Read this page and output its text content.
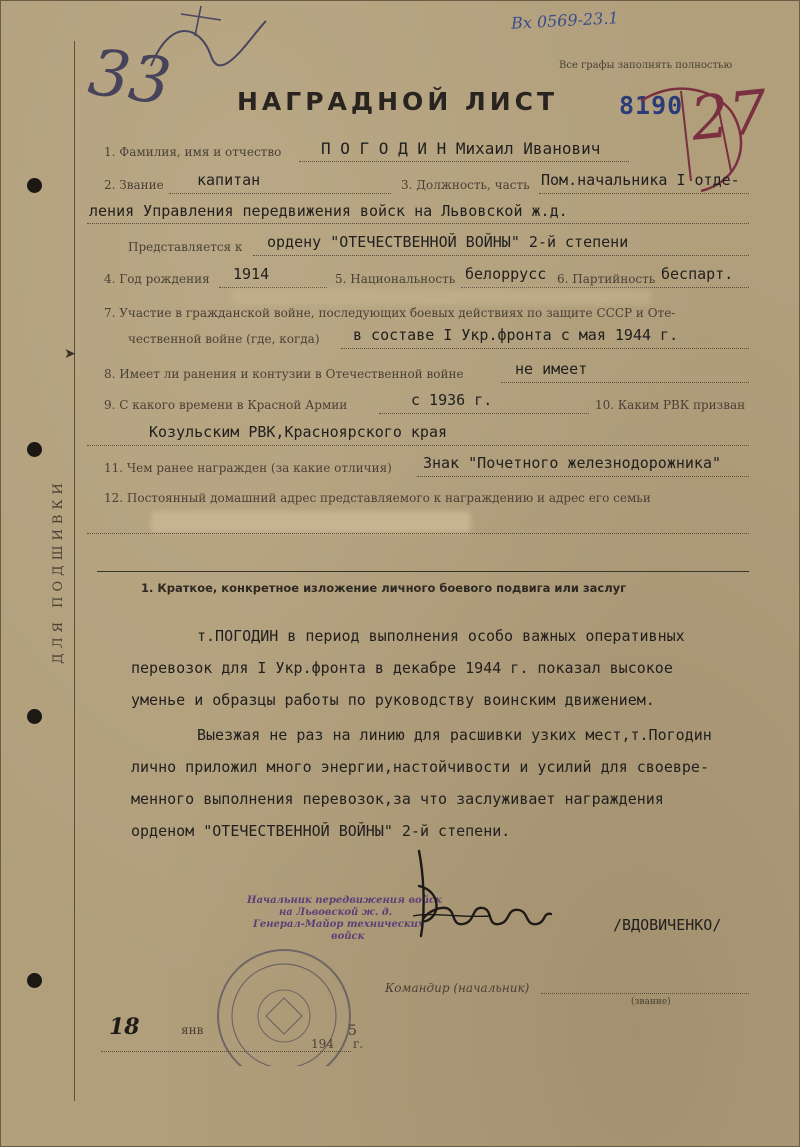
ДЛЯ ПОДШИВКИ
➤
Вх 0569-23.1
Все графы заполнять полностью
НАГРАДНОЙ ЛИСТ 8190
33	27
1. Фамилия, имя и отчество П О Г О Д И Н Михаил Иванович
2. Звание капитан	3. Должность, часть Пом.начальника I отде-
ления Управления передвижения войск на Львовской ж.д.
Представляется к ордену "ОТЕЧЕСТВЕННОЙ ВОЙНЫ" 2-й степени
4. Год рождения 1914	5. Национальность белоррусс 6. Партийность беспарт.
7. Участие в гражданской войне, последующих боевых действиях по защите СССР и Оте-
чественной войне (где, когда) в составе I Укр.фронта с мая 1944 г.
8. Имеет ли ранения и контузии в Отечественной войне	не имеет
9. С какого времени в Красной Армии	с 1936 г.	10. Каким РВК призван
Козульским РВК,Красноярского края
11. Чем ранее награжден (за какие отличия) Знак "Почетного железнодорожника"
12. Постоянный домашний адрес представляемого к награждению и адрес его семьи
1. Краткое, конкретное изложение личного боевого подвига или заслуг
т.ПОГОДИН в период выполнения особо важных оперативных
перевозок для I Укр.фронта в декабре 1944 г. показал высокое
уменье и образцы работы по руководству воинским движением.
Выезжая не раз на линию для расшивки узких мест,т.Погодин
лично приложил много энергии,настойчивости и усилий для своевре-
менного выполнения перевозок,за что заслуживает награждения
орденом "ОТЕЧЕСТВЕННОЙ ВОЙНЫ" 2-й степени.
Начальник передвижения войск
на Львовской ж. д.
Генерал-Майор технических
войск
/ВДОВИЧЕНКО/
Командир (начальник)
(звание)
18	янв
194
5
г.
